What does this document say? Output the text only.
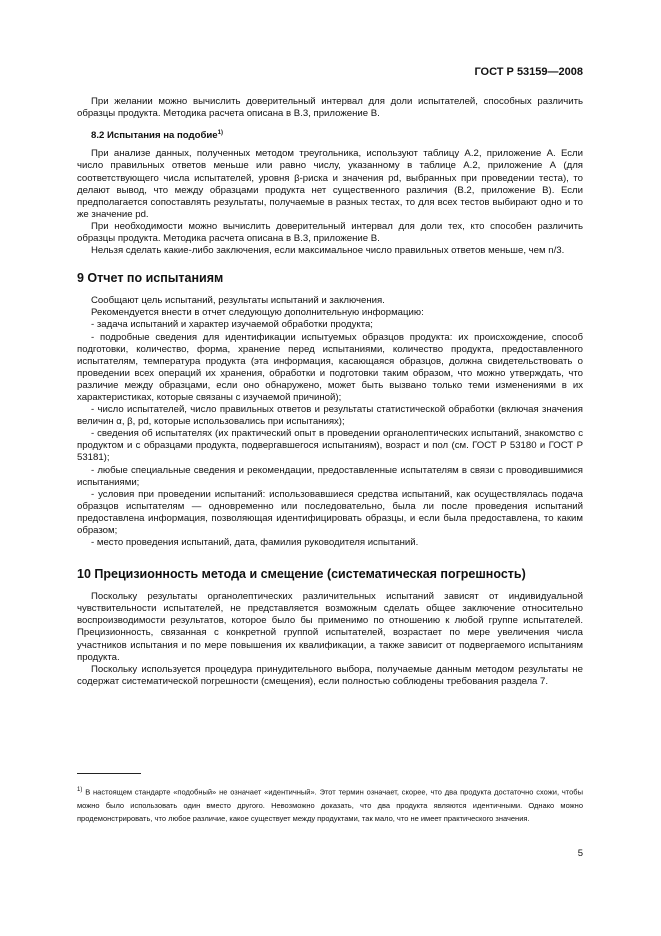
ГОСТ Р 53159—2008

При желании можно вычислить доверительный интервал для доли испытателей, способных различить образцы продукта. Методика расчета описана в В.3, приложение В.

8.2 Испытания на подобие$^{1)}$

При анализе данных, полученных методом треугольника, используют таблицу А.2, приложение А. Если число правильных ответов меньше или равно числу, указанному в таблице А.2, приложение А (для соответствующего числа испытателей, уровня β-риска и значения pd, выбранных при проведении теста), то делают вывод, что между образцами продукта нет существенного различия (В.2, приложение В). Если предполагается сопоставлять результаты, получаемые в разных тестах, то для всех тестов выбирают одно и то же значение pd.

При необходимости можно вычислить доверительный интервал для доли тех, кто способен различить образцы продукта. Методика расчета описана в В.3, приложение В.

Нельзя сделать какие-либо заключения, если максимальное число правильных ответов меньше, чем n/3.

9 Отчет по испытаниям

Сообщают цель испытаний, результаты испытаний и заключения.

Рекомендуется внести в отчет следующую дополнительную информацию:

- задача испытаний и характер изучаемой обработки продукта;

- подробные сведения для идентификации испытуемых образцов продукта: их происхождение, способ подготовки, количество, форма, хранение перед испытаниями, количество продукта, предоставленного испытателям, температура продукта (эта информация, касающаяся образцов, должна свидетельствовать о проведении всех операций их хранения, обработки и подготовки таким образом, что можно утверждать, что различие между образцами, если оно обнаружено, может быть вызвано только теми изменениями в их характеристиках, которые связаны с изучаемой причиной);

- число испытателей, число правильных ответов и результаты статистической обработки (включая значения величин α, β, pd, которые использовались при испытаниях);

- сведения об испытателях (их практический опыт в проведении органолептических испытаний, знакомство с продуктом и с образцами продукта, подвергавшегося испытаниям), возраст и пол (см. ГОСТ Р 53180 и ГОСТ Р 53181);

- любые специальные сведения и рекомендации, предоставленные испытателям в связи с проводившимися испытаниями;

- условия при проведении испытаний: использовавшиеся средства испытаний, как осуществлялась подача образцов испытателям — одновременно или последовательно, была ли после проведения испытаний предоставлена информация, позволяющая идентифицировать образцы, и если была предоставлена, то каким образом;

- место проведения испытаний, дата, фамилия руководителя испытаний.

10 Прецизионность метода и смещение (систематическая погрешность)

Поскольку результаты органолептических различительных испытаний зависят от индивидуальной чувствительности испытателей, не представляется возможным сделать общее заключение относительно воспроизводимости результатов, которое было бы применимо по отношению к любой группе испытателей. Прецизионность, связанная с конкретной группой испытателей, возрастает по мере увеличения числа участников испытания и по мере повышения их квалификации, а также зависит от подвергаемого испытаниям продукта.

Поскольку используется процедура принудительного выбора, получаемые данным методом результаты не содержат систематической погрешности (смещения), если полностью соблюдены требования раздела 7.

$^{1)}$ В настоящем стандарте «подобный» не означает «идентичный». Этот термин означает, скорее, что два продукта достаточно схожи, чтобы можно было использовать один вместо другого. Невозможно доказать, что два продукта являются идентичными. Однако можно продемонстрировать, что любое различие, какое существует между продуктами, так мало, что не имеет практического значения.
5
